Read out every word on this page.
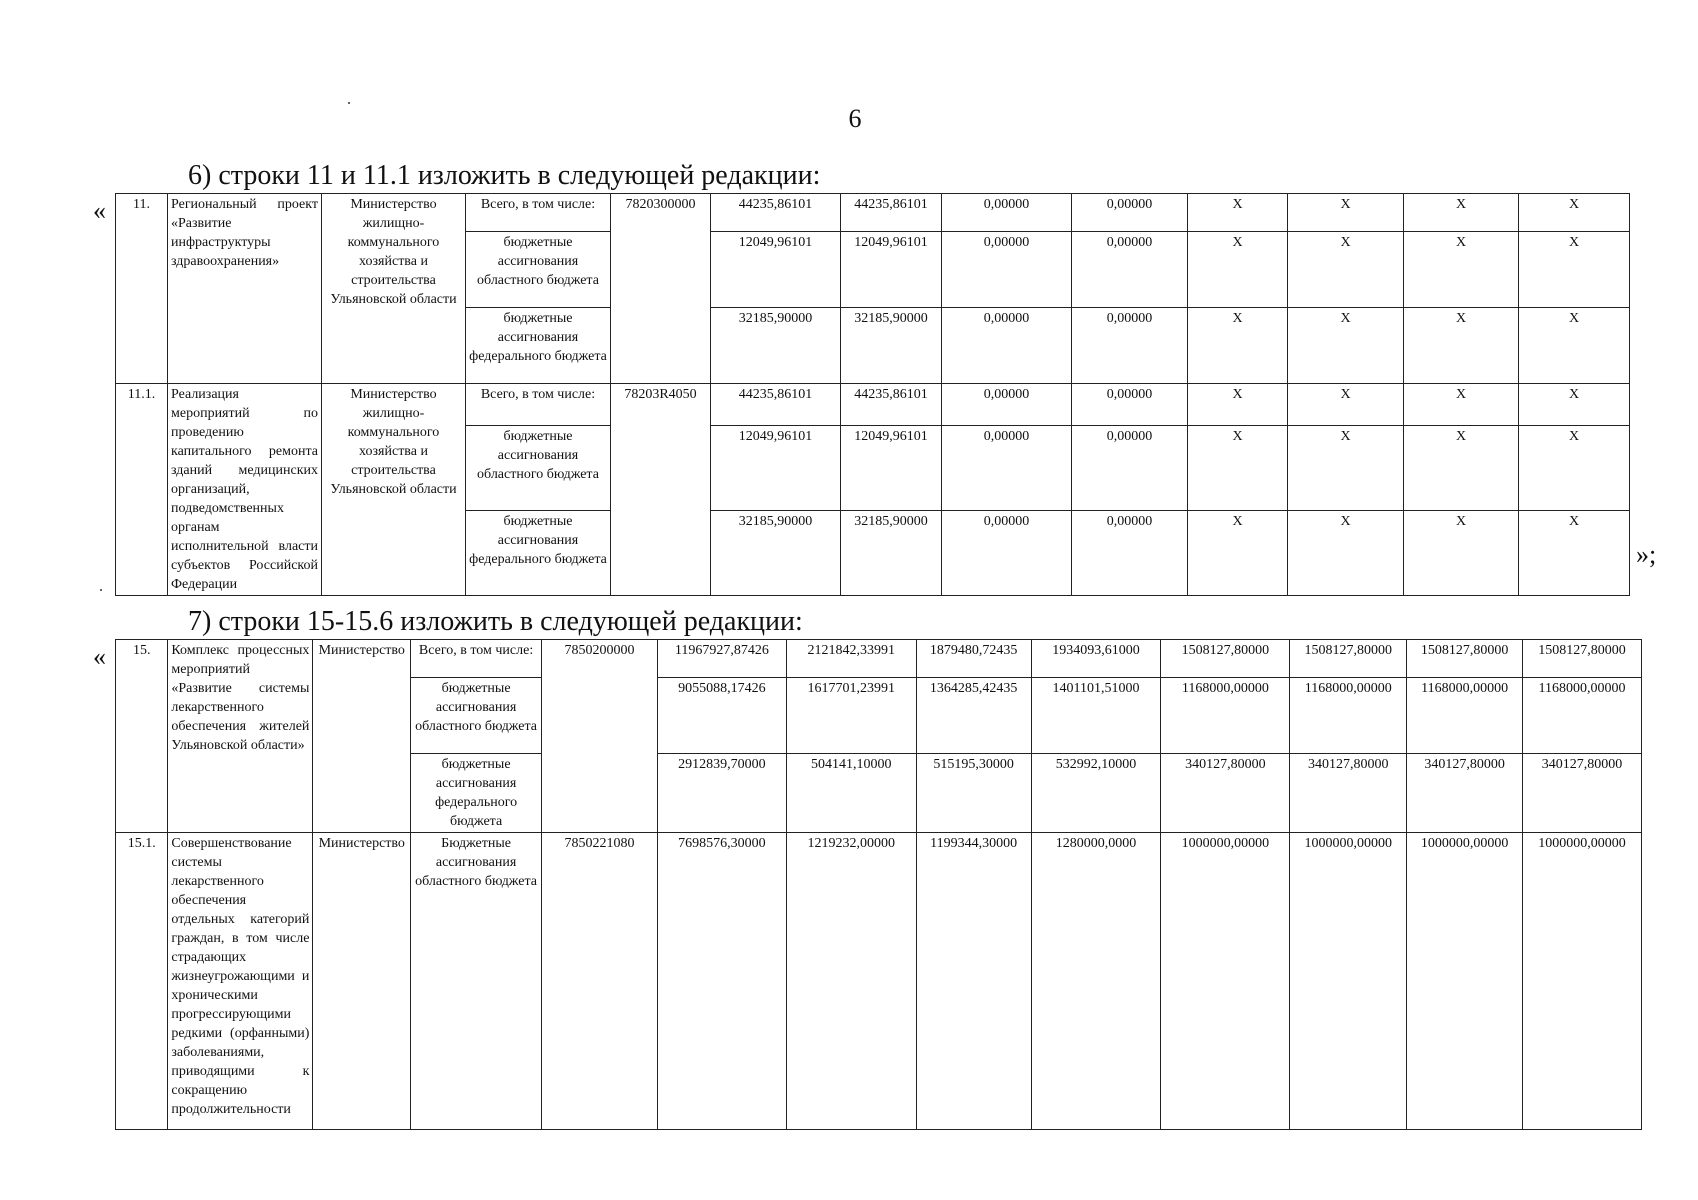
6
6) строки 11 и 11.1 изложить в следующей редакции:
« 11.	Региональный проект «Развитие инфраструктуры здравоохранения»	Министерство жилищно-коммунального хозяйства и строительства Ульяновской области	Всего, в том числе:	7820300000	44235,86101	44235,86101	0,00000	0,00000	X	X	X	X
			бюджетные ассигнования областного бюджета		12049,96101	12049,96101	0,00000	0,00000	X	X	X	X
			бюджетные ассигнования федерального бюджета		32185,90000	32185,90000	0,00000	0,00000	X	X	X	X
11.1.	Реализация мероприятий по проведению капитального ремонта зданий медицинских организаций, подведомственных органам исполнительной власти субъектов Российской Федерации	Министерство жилищно-коммунального хозяйства и строительства Ульяновской области	Всего, в том числе:	78203R4050	44235,86101	44235,86101	0,00000	0,00000	X	X	X	X
			бюджетные ассигнования областного бюджета		12049,96101	12049,96101	0,00000	0,00000	X	X	X	X
			бюджетные ассигнования федерального бюджета		32185,90000	32185,90000	0,00000	0,00000	X	X	X	X
»;
7) строки 15-15.6 изложить в следующей редакции:
« 15.	Комплекс процессных мероприятий «Развитие системы лекарственного обеспечения жителей Ульяновской области»	Министерство	Всего, в том числе:	7850200000	11967927,87426	2121842,33991	1879480,72435	1934093,61000	1508127,80000	1508127,80000	1508127,80000	1508127,80000
			бюджетные ассигнования областного бюджета		9055088,17426	1617701,23991	1364285,42435	1401101,51000	1168000,00000	1168000,00000	1168000,00000	1168000,00000
			бюджетные ассигнования федерального бюджета		2912839,70000	504141,10000	515195,30000	532992,10000	340127,80000	340127,80000	340127,80000	340127,80000
15.1.	Совершенствование системы лекарственного обеспечения отдельных категорий граждан, в том числе страдающих жизнеугрожающими и хроническими прогрессирующими редкими (орфанными) заболеваниями, приводящими к сокращению продолжительности	Министерство	Бюджетные ассигнования областного бюджета	7850221080	7698576,30000	1219232,00000	1199344,30000	1280000,0000	1000000,00000	1000000,00000	1000000,00000	1000000,00000
